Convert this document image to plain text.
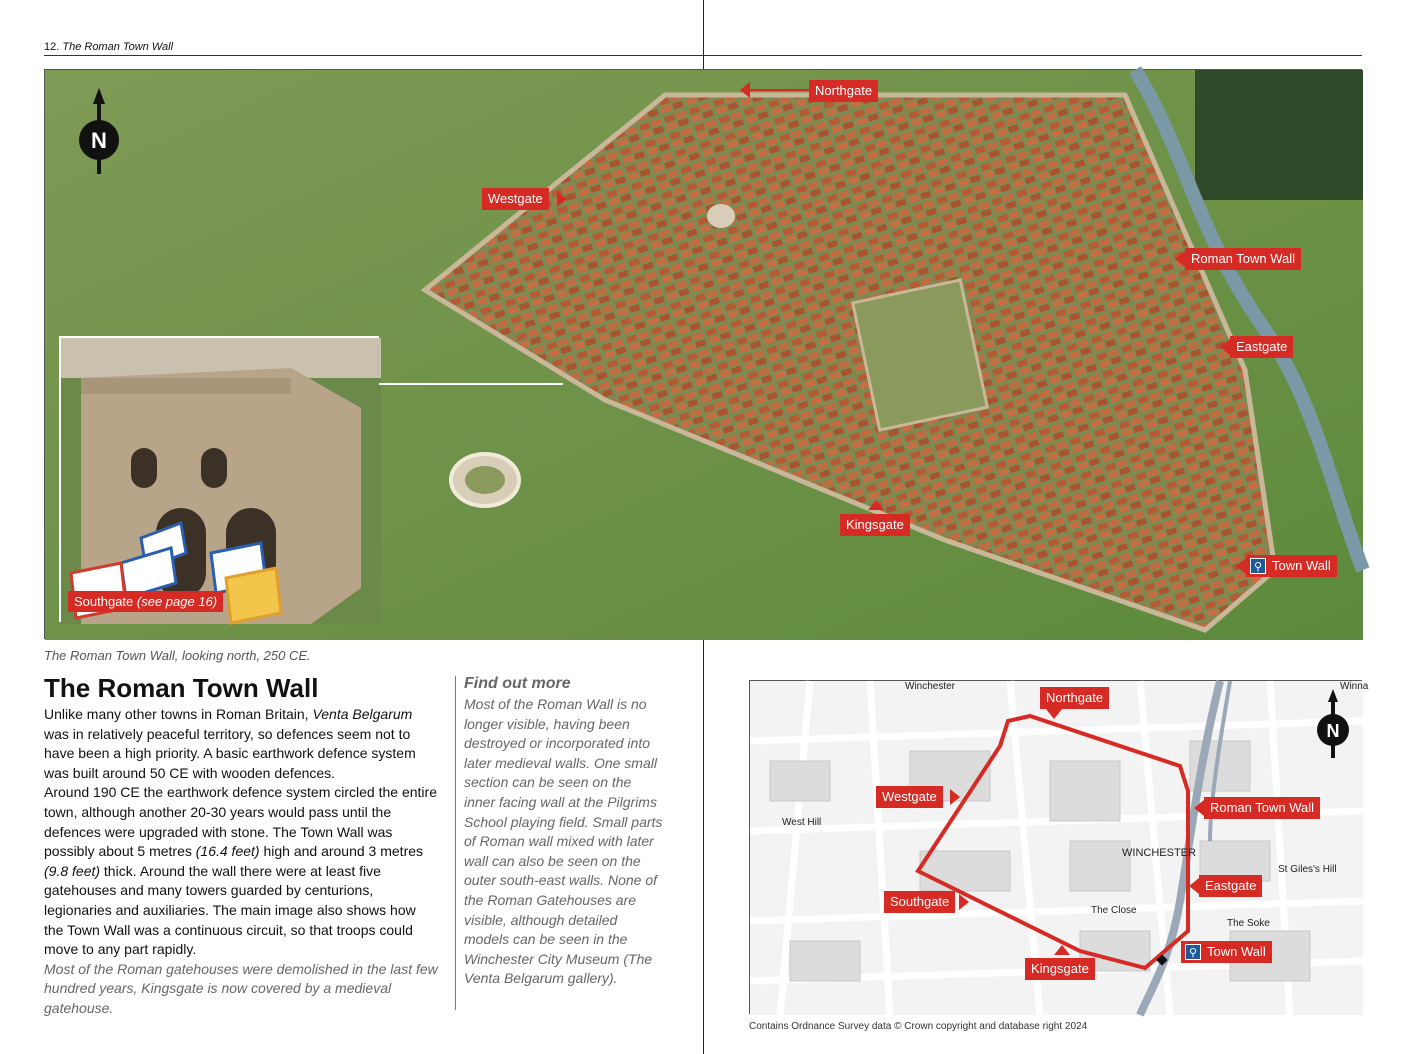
12. The Roman Town Wall
N
Northgate
Westgate
Roman Town Wall
Eastgate
Kingsgate
⚲ Town Wall
Southgate (see page 16)
The Roman Town Wall, looking north, 250 CE.
The Roman Town Wall

Unlike many other towns in Roman Britain, Venta Belgarum was in relatively peaceful territory, so defences seem not to have been a high priority. A basic earthwork defence system was built around 50 CE with wooden defences.

Around 190 CE the earthwork defence system circled the entire town, although another 20-30 years would pass until the defences were upgraded with stone. The Town Wall was possibly about 5 metres (16.4 feet) high and around 3 metres (9.8 feet) thick. Around the wall there were at least five gatehouses and many towers guarded by centurions, legionaries and auxiliaries. The main image also shows how the Town Wall was a continuous circuit, so that troops could move to any part rapidly.

Most of the Roman gatehouses were demolished in the last few hundred years, Kingsgate is now covered by a medieval gatehouse.

Find out more

Most of the Roman Wall is no longer visible, having been destroyed or incorporated into later medieval walls. One small section can be seen on the inner facing wall at the Pilgrims School playing field. Small parts of Roman wall mixed with later wall can also be seen on the outer south-east walls. None of the Roman Gatehouses are visible, although detailed models can be seen in the Winchester City Museum (The Venta Belgarum gallery).

Winchester	Winna
West Hill
WINCHESTER
St Giles's Hill
The Close
The Soke
N
Northgate
Westgate
Roman Town Wall
Eastgate
Southgate
Kingsgate
⚲ Town Wall
Contains Ordnance Survey data © Crown copyright and database right 2024
